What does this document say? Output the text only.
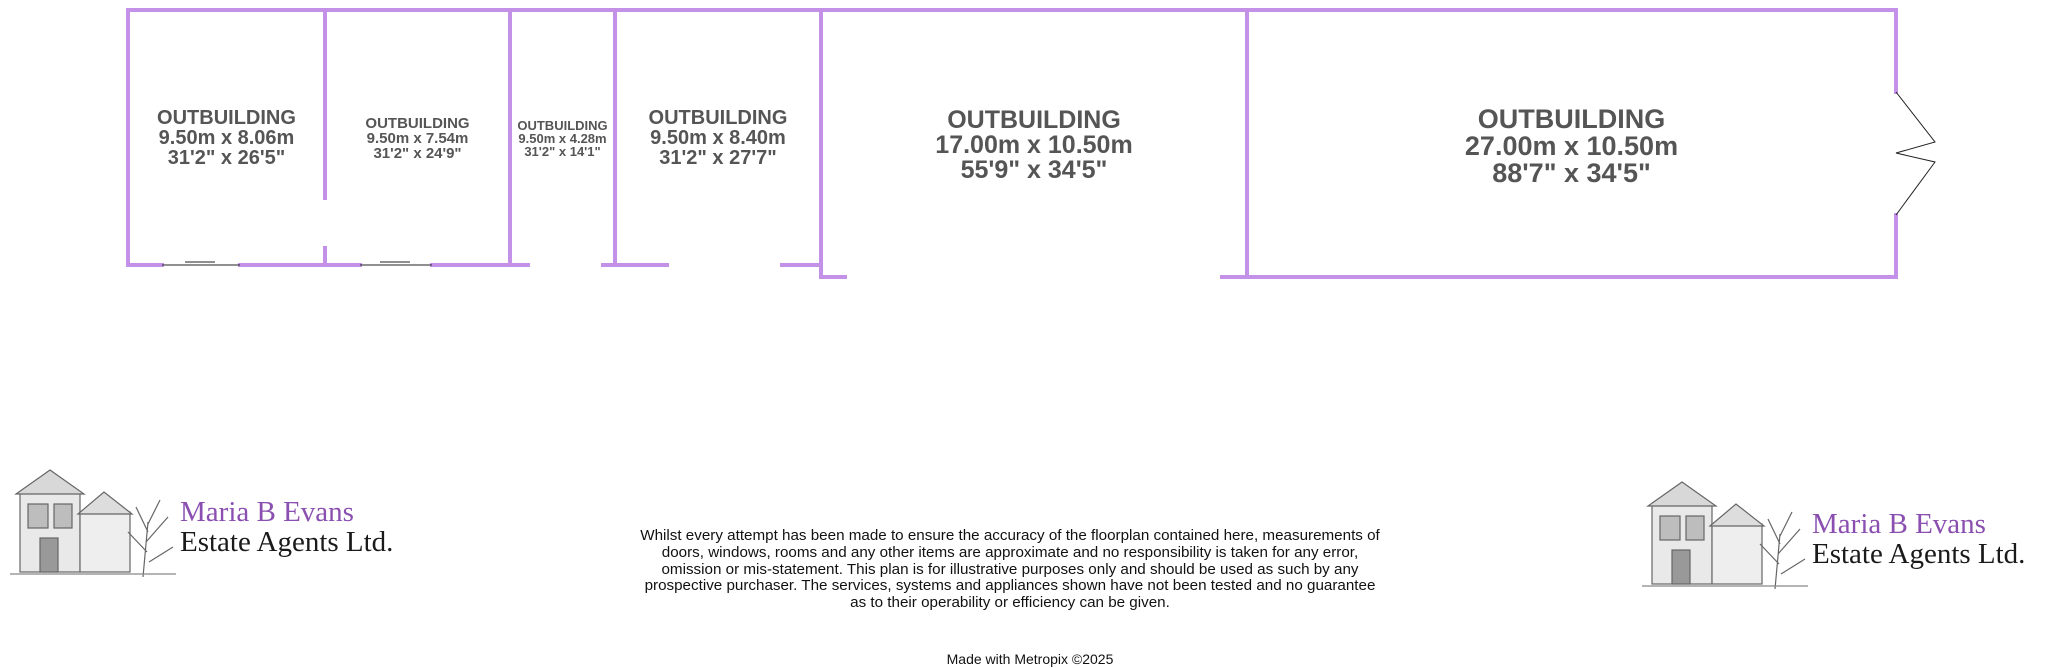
OUTBUILDING
9.50m x 8.06m
31'2" x 26'5"
OUTBUILDING
9.50m x 7.54m
31'2" x 24'9"
OUTBUILDING
9.50m x 4.28m
31'2" x 14'1"
OUTBUILDING
9.50m x 8.40m
31'2" x 27'7"
OUTBUILDING
17.00m x 10.50m
55'9" x 34'5"
OUTBUILDING
27.00m x 10.50m
88'7" x 34'5"
Maria B Evans
Estate Agents Ltd.
Maria B Evans
Estate Agents Ltd.
Whilst every attempt has been made to ensure the accuracy of the floorplan contained here, measurements of doors, windows, rooms and any other items are approximate and no responsibility is taken for any error, omission or mis-statement. This plan is for illustrative purposes only and should be used as such by any prospective purchaser. The services, systems and appliances shown have not been tested and no guarantee as to their operability or efficiency can be given.
Made with Metropix ©2025
